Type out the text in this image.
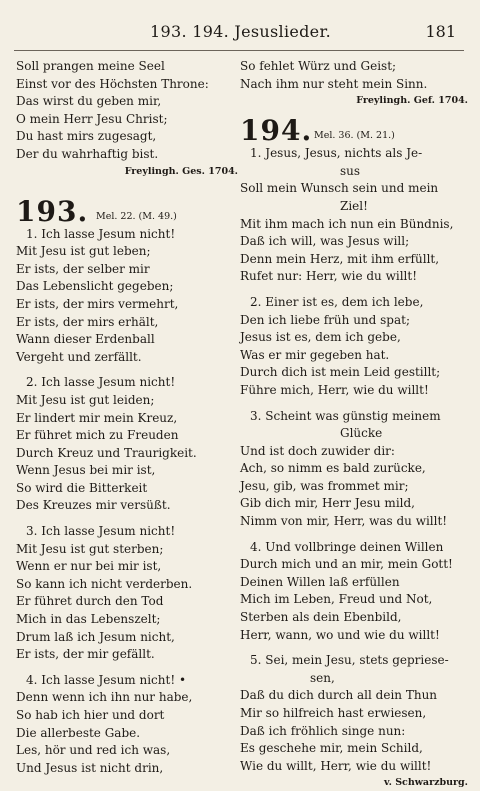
193. 194. Jesuslieder.	181
Soll prangen meine Seel
Einst vor des Höchsten Throne:
Das wirst du geben mir,
O mein Herr Jesu Christ;
Du hast mirs zugesagt,
Der du wahrhaftig bist.
Freylingh. Ges. 1704.
193. Mel. 22. (M. 49.)
1. Ich lasse Jesum nicht!
Mit Jesu ist gut leben;
Er ists, der selber mir
Das Lebenslicht gegeben;
Er ists, der mirs vermehrt,
Er ists, der mirs erhält,
Wann dieser Erdenball
Vergeht und zerfällt.
2. Ich lasse Jesum nicht!
Mit Jesu ist gut leiden;
Er lindert mir mein Kreuz,
Er führet mich zu Freuden
Durch Kreuz und Traurigkeit.
Wenn Jesus bei mir ist,
So wird die Bitterkeit
Des Kreuzes mir versüßt.
3. Ich lasse Jesum nicht!
Mit Jesu ist gut sterben;
Wenn er nur bei mir ist,
So kann ich nicht verderben.
Er führet durch den Tod
Mich in das Lebenszelt;
Drum laß ich Jesum nicht,
Er ists, der mir gefällt.
4. Ich lasse Jesum nicht! •
Denn wenn ich ihn nur habe,
So hab ich hier und dort
Die allerbeste Gabe.
Les, hör und red ich was,
Und Jesus ist nicht drin,
So fehlet Würz und Geist;
Nach ihm nur steht mein Sinn.
Freylingh. Gef. 1704.
194. Mel. 36. (M. 21.)
1. Jesus, Jesus, nichts als Je-
sus
Soll mein Wunsch sein und mein
Ziel!
Mit ihm mach ich nun ein Bündnis,
Daß ich will, was Jesus will;
Denn mein Herz, mit ihm erfüllt,
Rufet nur: Herr, wie du willt!
2. Einer ist es, dem ich lebe,
Den ich liebe früh und spat;
Jesus ist es, dem ich gebe,
Was er mir gegeben hat.
Durch dich ist mein Leid gestillt;
Führe mich, Herr, wie du willt!
3. Scheint was günstig meinem
Glücke
Und ist doch zuwider dir:
Ach, so nimm es bald zurücke,
Jesu, gib, was frommet mir;
Gib dich mir, Herr Jesu mild,
Nimm von mir, Herr, was du willt!
4. Und vollbringe deinen Willen
Durch mich und an mir, mein Gott!
Deinen Willen laß erfüllen
Mich im Leben, Freud und Not,
Sterben als dein Ebenbild,
Herr, wann, wo und wie du willt!
5. Sei, mein Jesu, stets gepriese-
sen,
Daß du dich durch all dein Thun
Mir so hilfreich hast erwiesen,
Daß ich fröhlich singe nun:
Es geschehe mir, mein Schild,
Wie du willt, Herr, wie du willt!
v. Schwarzburg.
